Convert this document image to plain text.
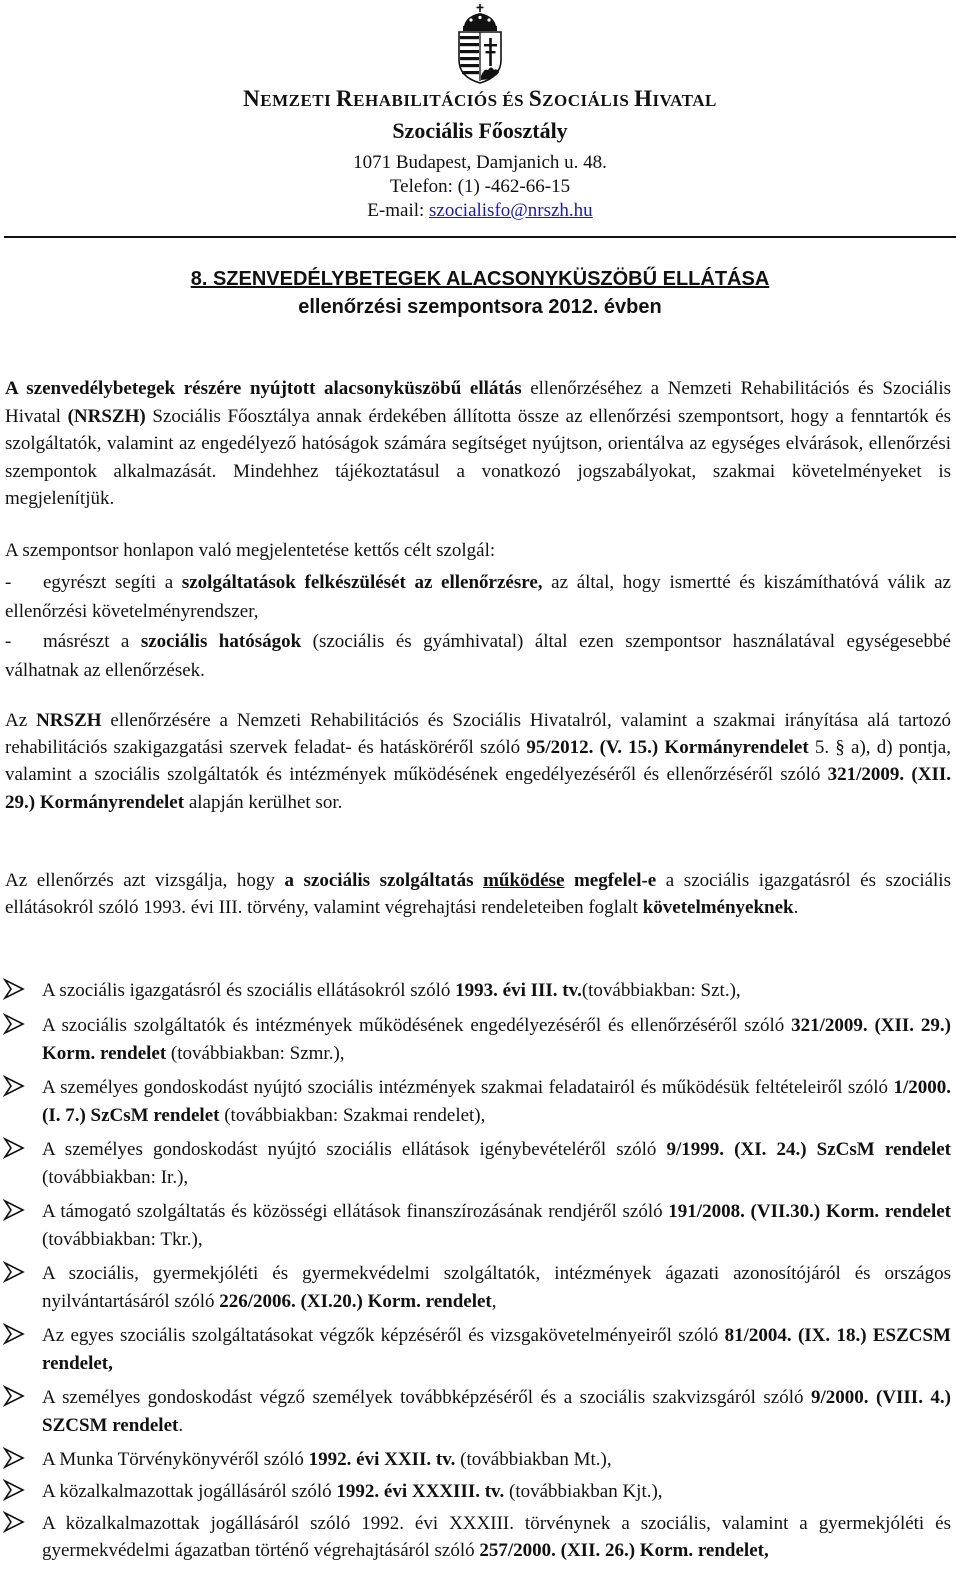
NEMZETI REHABILITÁCIÓS ÉS SZOCIÁLIS HIVATAL
Szociális Főosztály
1071 Budapest, Damjanich u. 48.
Telefon: (1) -462-66-15
E-mail: szocialisfo@nrszh.hu
8. SZENVEDÉLYBETEGEK ALACSONYKÜSZÖBŰ ELLÁTÁSA
ellenőrzési szempontsora 2012. évben
A szenvedélybetegek részére nyújtott alacsonyküszöbű ellátás ellenőrzéséhez a Nemzeti Rehabilitációs és Szociális Hivatal (NRSZH) Szociális Főosztálya annak érdekében állította össze az ellenőrzési szempontsort, hogy a fenntartók és szolgáltatók, valamint az engedélyező hatóságok számára segítséget nyújtson, orientálva az egységes elvárások, ellenőrzési szempontok alkalmazását. Mindehhez tájékoztatásul a vonatkozó jogszabályokat, szakmai követelményeket is megjelenítjük.
A szempontsor honlapon való megjelentetése kettős célt szolgál:
- egyrészt segíti a szolgáltatások felkészülését az ellenőrzésre, az által, hogy ismertté és kiszámíthatóvá válik az ellenőrzési követelményrendszer,
- másrészt a szociális hatóságok (szociális és gyámhivatal) által ezen szempontsor használatával egységesebbé válhatnak az ellenőrzések.
Az NRSZH ellenőrzésére a Nemzeti Rehabilitációs és Szociális Hivatalról, valamint a szakmai irányítása alá tartozó rehabilitációs szakigazgatási szervek feladat- és hatásköréről szóló 95/2012. (V. 15.) Kormányrendelet 5. § a), d) pontja, valamint a szociális szolgáltatók és intézmények működésének engedélyezéséről és ellenőrzéséről szóló 321/2009. (XII. 29.) Kormányrendelet alapján kerülhet sor.
Az ellenőrzés azt vizsgálja, hogy a szociális szolgáltatás működése megfelel-e a szociális igazgatásról és szociális ellátásokról szóló 1993. évi III. törvény, valamint végrehajtási rendeleteiben foglalt követelményeknek.
A szociális igazgatásról és szociális ellátásokról szóló 1993. évi III. tv.(továbbiakban: Szt.),
A szociális szolgáltatók és intézmények működésének engedélyezéséről és ellenőrzéséről szóló 321/2009. (XII. 29.) Korm. rendelet (továbbiakban: Szmr.),
A személyes gondoskodást nyújtó szociális intézmények szakmai feladatairól és működésük feltételeiről szóló 1/2000. (I. 7.) SzCsM rendelet (továbbiakban: Szakmai rendelet),
A személyes gondoskodást nyújtó szociális ellátások igénybevételéről szóló 9/1999. (XI. 24.) SzCsM rendelet (továbbiakban: Ir.),
A támogató szolgáltatás és közösségi ellátások finanszírozásának rendjéről szóló 191/2008. (VII.30.) Korm. rendelet (továbbiakban: Tkr.),
A szociális, gyermekjóléti és gyermekvédelmi szolgáltatók, intézmények ágazati azonosítójáról és országos nyilvántartásáról szóló 226/2006. (XI.20.) Korm. rendelet,
Az egyes szociális szolgáltatásokat végzők képzéséről és vizsgakövetelményeiről szóló 81/2004. (IX. 18.) ESZCSM rendelet,
A személyes gondoskodást végző személyek továbbképzéséről és a szociális szakvizsgáról szóló 9/2000. (VIII. 4.) SZCSM rendelet.
A Munka Törvénykönyvéről szóló 1992. évi XXII. tv. (továbbiakban Mt.),
A közalkalmazottak jogállásáról szóló 1992. évi XXXIII. tv. (továbbiakban Kjt.),
A közalkalmazottak jogállásáról szóló 1992. évi XXXIII. törvénynek a szociális, valamint a gyermekjóléti és gyermekvédelmi ágazatban történő végrehajtásáról szóló 257/2000. (XII. 26.) Korm. rendelet,
